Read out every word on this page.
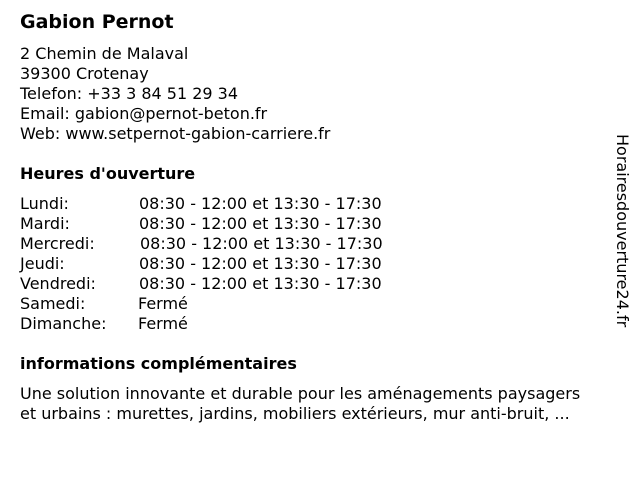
Gabion Pernot
2 Chemin de Malaval
39300 Crotenay
Telefon: +33 3 84 51 29 34
Email: gabion@pernot-beton.fr
Web: www.setpernot-gabion-carriere.fr
Heures d'ouverture
Lundi:	08:30 - 12:00 et 13:30 - 17:30
Mardi:	08:30 - 12:00 et 13:30 - 17:30
Mercredi:	08:30 - 12:00 et 13:30 - 17:30
Jeudi:	08:30 - 12:00 et 13:30 - 17:30
Vendredi:	08:30 - 12:00 et 13:30 - 17:30
Samedi:	Fermé
Dimanche: Fermé
informations complémentaires
Une solution innovante et durable pour les aménagements paysagers
et urbains : murettes, jardins, mobiliers extérieurs, mur anti-bruit, ...
Horairesdouverture24.fr
